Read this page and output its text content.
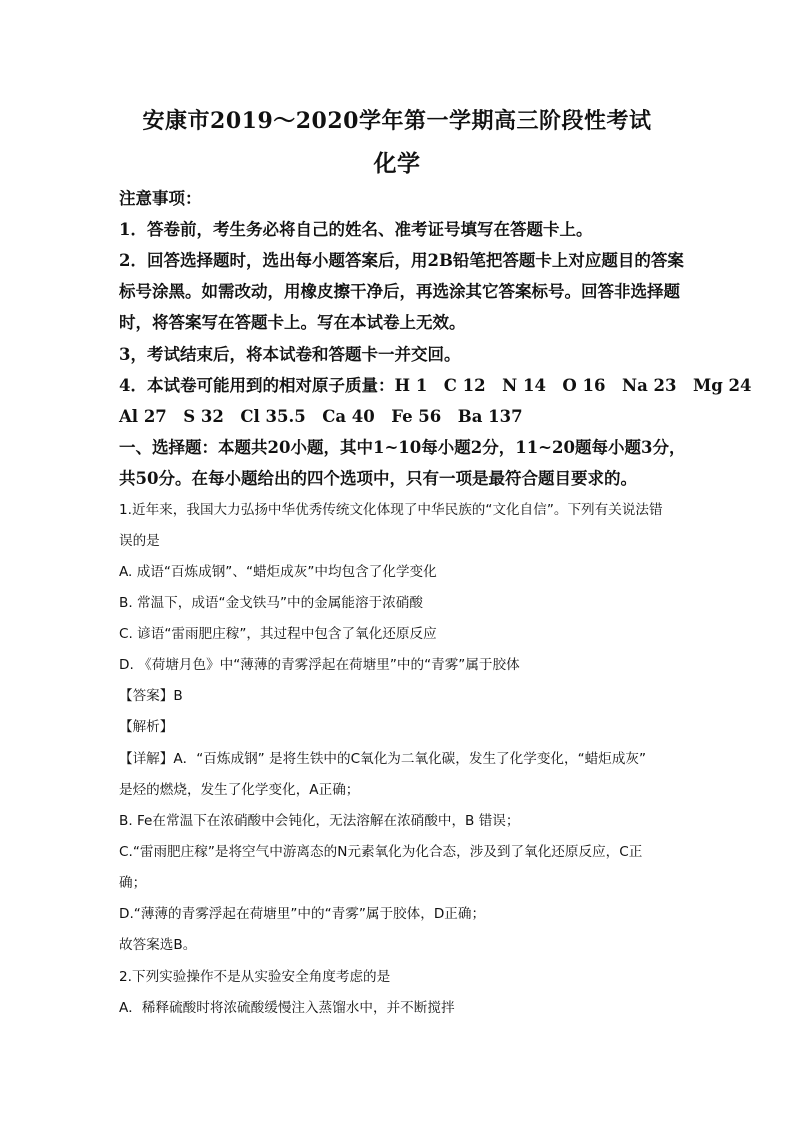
安康市2019～2020学年第一学期高三阶段性考试
化学
注意事项：
1．答卷前，考生务必将自己的姓名、准考证号填写在答题卡上。
2．回答选择题时，选出每小题答案后，用2B铅笔把答题卡上对应题目的答案
标号涂黑。如需改动，用橡皮擦干净后，再选涂其它答案标号。回答非选择题
时，将答案写在答题卡上。写在本试卷上无效。
3，考试结束后，将本试卷和答题卡一并交回。
4．本试卷可能用到的相对原子质量：H 1　C 12　N 14　O 16　Na 23　Mg 24
Al 27　S 32　Cl 35.5　Ca 40　Fe 56　Ba 137
一、选择题：本题共20小题，其中1~10每小题2分，11~20题每小题3分，
共50分。在每小题给出的四个选项中，只有一项是最符合题目要求的。
1.近年来，我国大力弘扬中华优秀传统文化体现了中华民族的“文化自信”。下列有关说法错
误的是
A. 成语“百炼成钢”、“蜡炬成灰”中均包含了化学变化
B. 常温下，成语“金戈铁马”中的金属能溶于浓硝酸
C. 谚语“雷雨肥庄稼”，其过程中包含了氧化还原反应
D. 《荷塘月色》中“薄薄的青雾浮起在荷塘里”中的“青雾”属于胶体
【答案】B
【解析】
【详解】A．“百炼成钢” 是将生铁中的C氧化为二氧化碳，发生了化学变化，“蜡炬成灰”
是烃的燃烧，发生了化学变化，A正确；
B. Fe在常温下在浓硝酸中会钝化，无法溶解在浓硝酸中，B 错误；
C.“雷雨肥庄稼”是将空气中游离态的N元素氧化为化合态，涉及到了氧化还原反应，C正
确；
D.“薄薄的青雾浮起在荷塘里”中的“青雾”属于胶体，D正确；
故答案选B。
2.下列实验操作不是从实验安全角度考虑的是
A．稀释硫酸时将浓硫酸缓慢注入蒸馏水中，并不断搅拌
